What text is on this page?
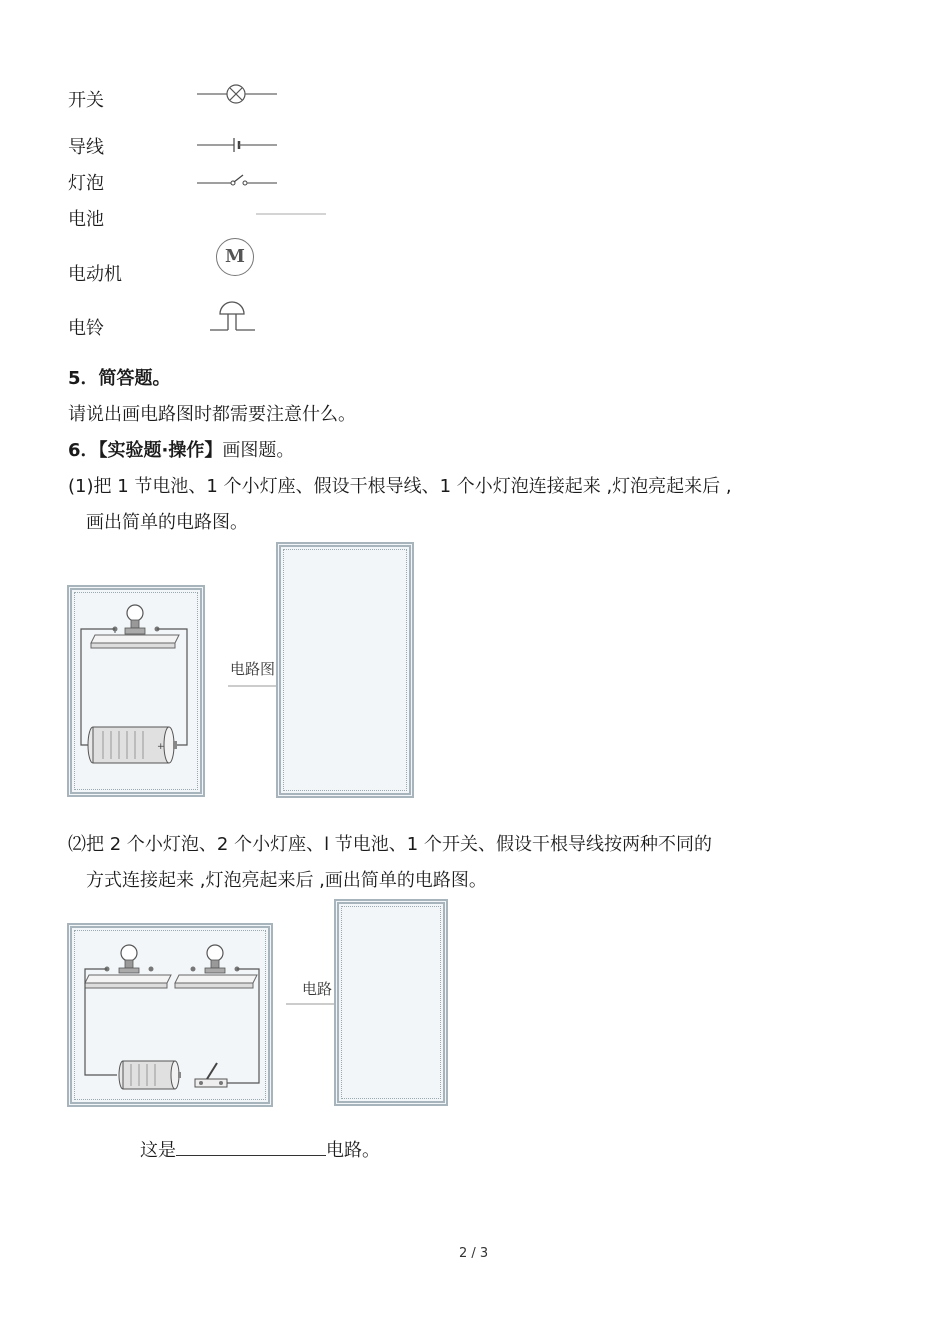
开关
导线
灯泡
电池
电动机
电铃
M
5．简答题。
请说出画电路图时都需要注意什么。
6．【实验题·操作】画图题。
(1)把 1 节电池、1 个小灯座、假设干根导线、1 个小灯泡连接起来 ,灯泡亮起来后 ,
画出简单的电路图。
+
电路图
⑵把 2 个小灯泡、2 个小灯座、l 节电池、1 个开关、假设干根导线按两种不同的
方式连接起来 ,灯泡亮起来后 ,画出简单的电路图。
电路
这是	电路。
2 / 3
